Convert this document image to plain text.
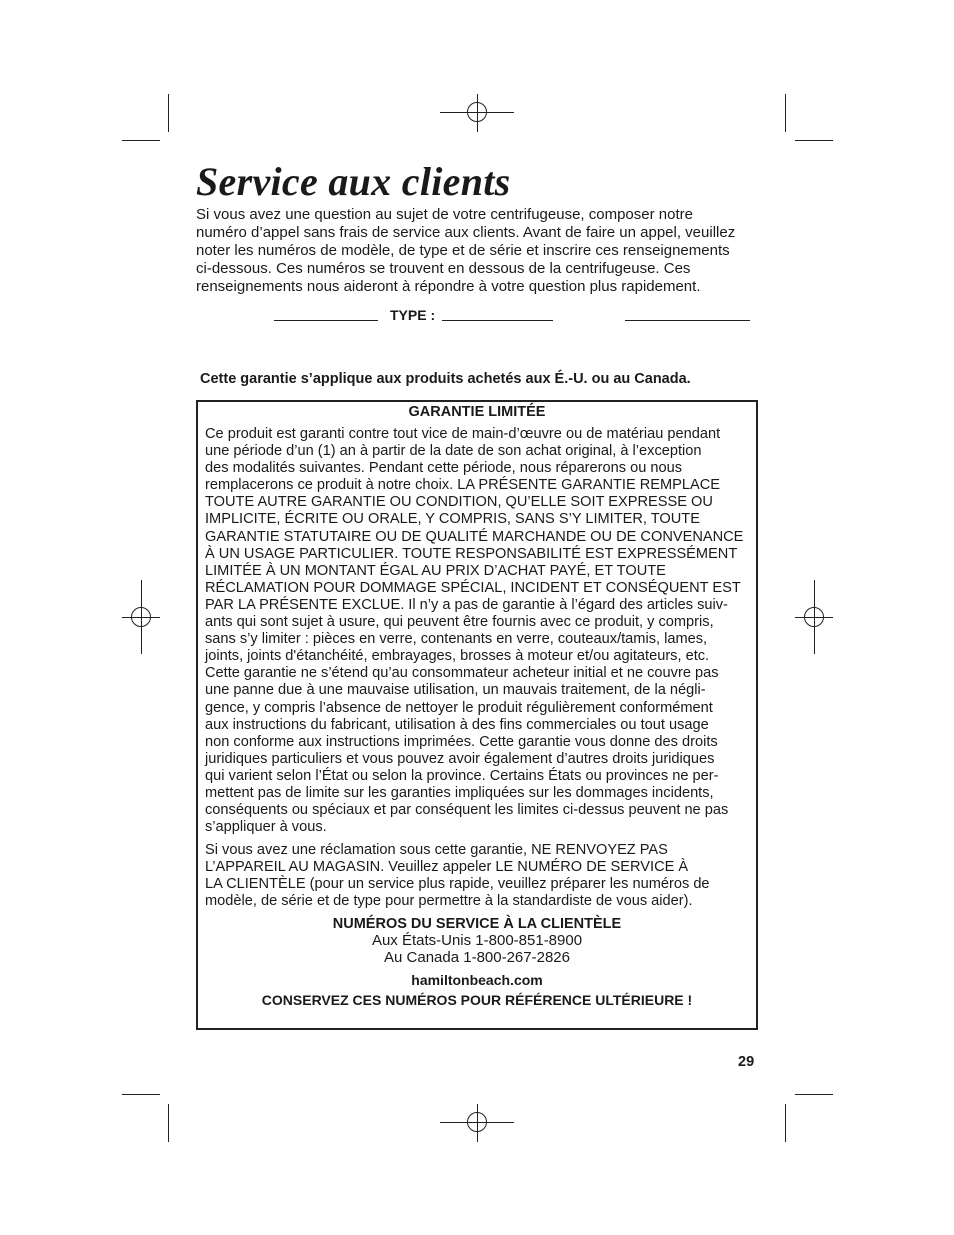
Service aux clients
Si vous avez une question au sujet de votre centrifugeuse, composer notre
numéro d’appel sans frais de service aux clients. Avant de faire un appel, veuillez
noter les numéros de modèle, de type et de série et inscrire ces renseignements
ci-dessous. Ces numéros se trouvent en dessous de la centrifugeuse. Ces
renseignements nous aideront à répondre à votre question plus rapidement.
TYPE :
Cette garantie s’applique aux produits achetés aux É.-U. ou au Canada.
GARANTIE LIMITÉE
Ce produit est garanti contre tout vice de main-d’œuvre ou de matériau pendant
une période d’un (1) an à partir de la date de son achat original, à l’exception
des modalités suivantes. Pendant cette période, nous réparerons ou nous
remplacerons ce produit à notre choix. LA PRÉSENTE GARANTIE REMPLACE
TOUTE AUTRE GARANTIE OU CONDITION, QU’ELLE SOIT EXPRESSE OU
IMPLICITE, ÉCRITE OU ORALE, Y COMPRIS, SANS S’Y LIMITER, TOUTE
GARANTIE STATUTAIRE OU DE QUALITÉ MARCHANDE OU DE CONVENANCE
À UN USAGE PARTICULIER. TOUTE RESPONSABILITÉ EST EXPRESSÉMENT
LIMITÉE À UN MONTANT ÉGAL AU PRIX D’ACHAT PAYÉ, ET TOUTE
RÉCLAMATION POUR DOMMAGE SPÉCIAL, INCIDENT ET CONSÉQUENT EST
PAR LA PRÉSENTE EXCLUE. Il n’y a pas de garantie à l’égard des articles suiv-
ants qui sont sujet à usure, qui peuvent être fournis avec ce produit, y compris,
sans s’y limiter : pièces en verre, contenants en verre, couteaux/tamis, lames,
joints, joints d'étanchéité, embrayages, brosses à moteur et/ou agitateurs, etc.
Cette garantie ne s’étend qu’au consommateur acheteur initial et ne couvre pas
une panne due à une mauvaise utilisation, un mauvais traitement, de la négli-
gence, y compris l’absence de nettoyer le produit régulièrement conformément
aux instructions du fabricant, utilisation à des fins commerciales ou tout usage
non conforme aux instructions imprimées. Cette garantie vous donne des droits
juridiques particuliers et vous pouvez avoir également d’autres droits juridiques
qui varient selon l’État ou selon la province. Certains États ou provinces ne per-
mettent pas de limite sur les garanties impliquées sur les dommages incidents,
conséquents ou spéciaux et par conséquent les limites ci-dessus peuvent ne pas
s’appliquer à vous.
Si vous avez une réclamation sous cette garantie, NE RENVOYEZ PAS
L’APPAREIL AU MAGASIN. Veuillez appeler LE NUMÉRO DE SERVICE À
LA CLIENTÈLE (pour un service plus rapide, veuillez préparer les numéros de
modèle, de série et de type pour permettre à la standardiste de vous aider).
NUMÉROS DU SERVICE À LA CLIENTÈLE
Aux États-Unis 1-800-851-8900
Au Canada 1-800-267-2826
hamiltonbeach.com
CONSERVEZ CES NUMÉROS POUR RÉFÉRENCE ULTÉRIEURE !
29
